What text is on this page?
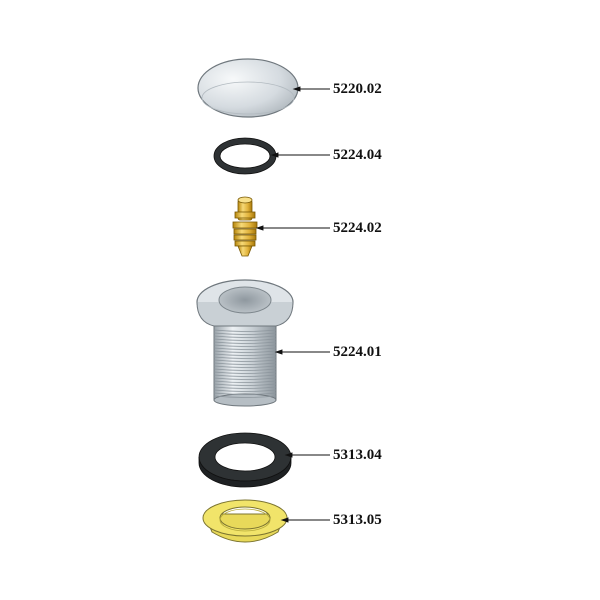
5220.02
5224.04
5224.02
5224.01
5313.04
5313.05
